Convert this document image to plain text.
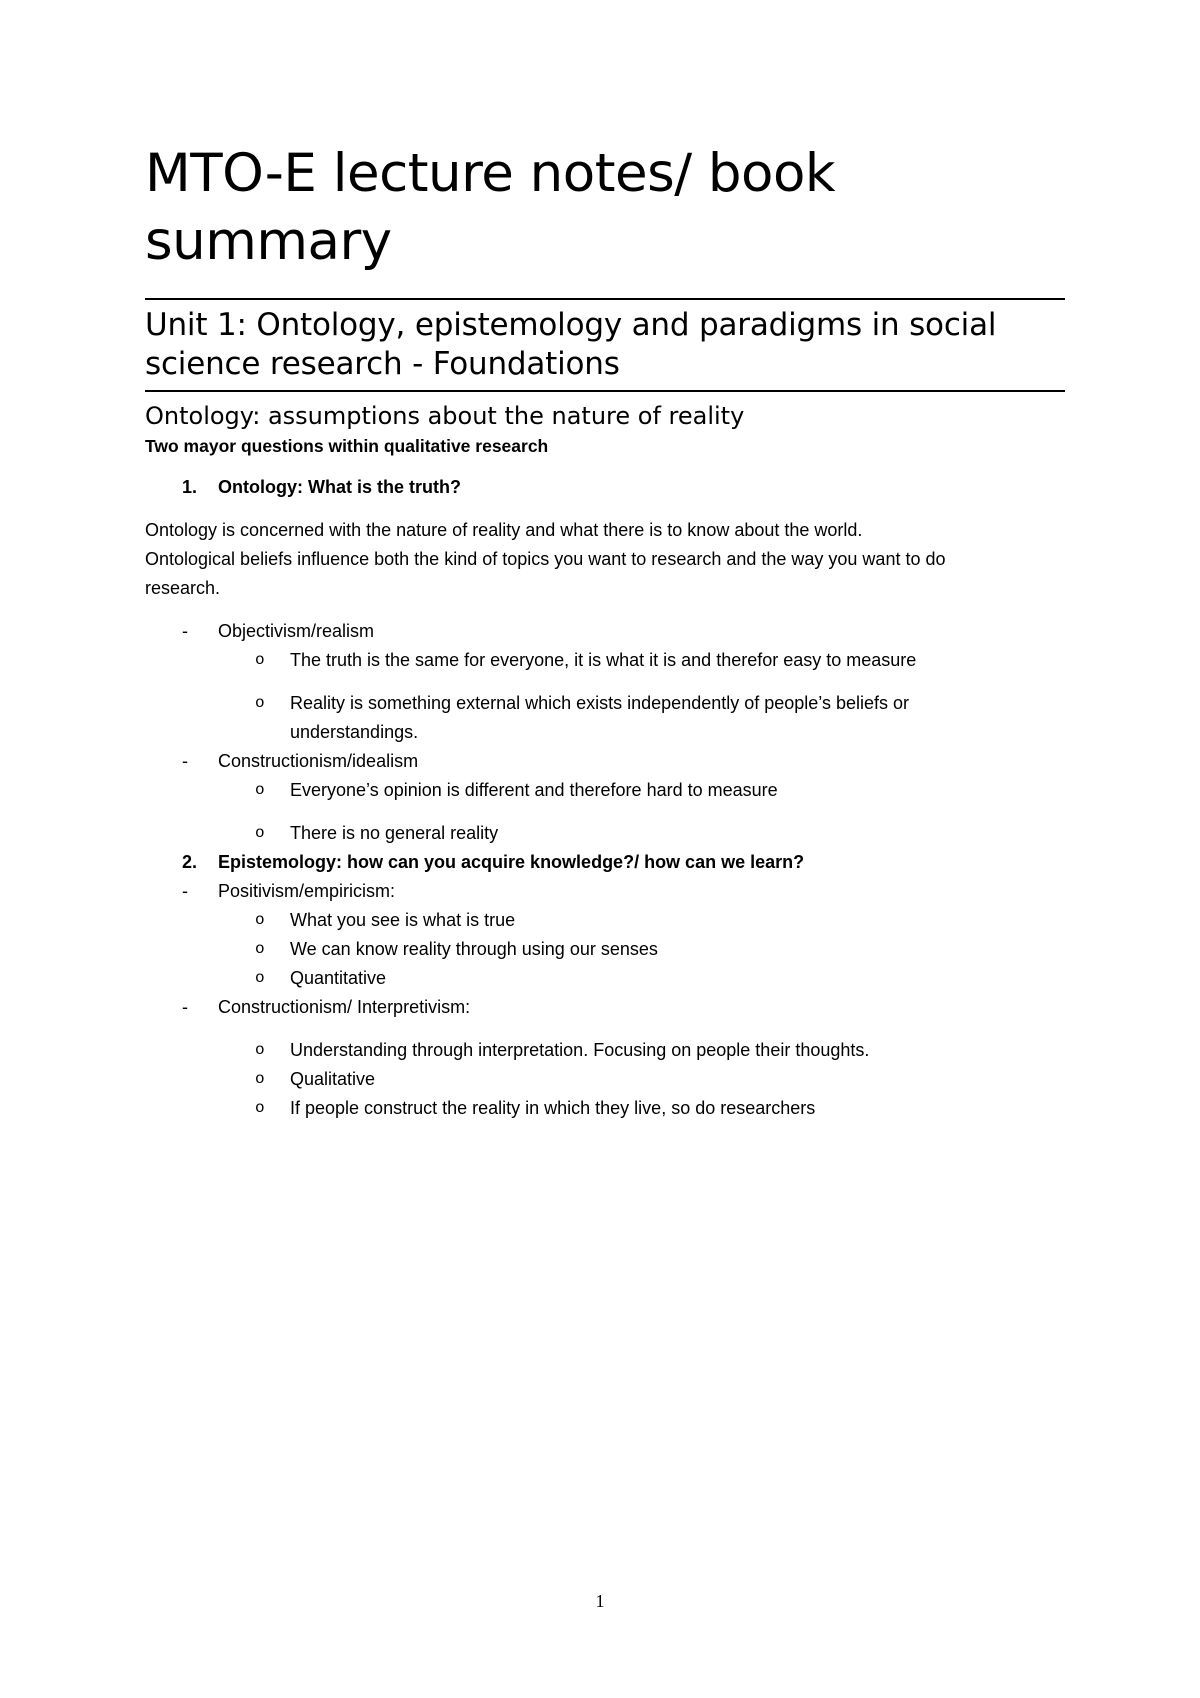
MTO-E lecture notes/ book
summary
Unit 1: Ontology, epistemology and paradigms in social
science research - Foundations
Ontology: assumptions about the nature of reality
Two mayor questions within qualitative research
1. Ontology: What is the truth?
Ontology is concerned with the nature of reality and what there is to know about the world.
Ontological beliefs influence both the kind of topics you want to research and the way you want to do
research.
- Objectivism/realism
o The truth is the same for everyone, it is what it is and therefor easy to measure
o Reality is something external which exists independently of people’s beliefs or
understandings.
- Constructionism/idealism
o Everyone’s opinion is different and therefore hard to measure
o There is no general reality
2. Epistemology: how can you acquire knowledge?/ how can we learn?
- Positivism/empiricism:
o What you see is what is true
o We can know reality through using our senses
o Quantitative
- Constructionism/ Interpretivism:
o Understanding through interpretation. Focusing on people their thoughts.
o Qualitative
o If people construct the reality in which they live, so do researchers
1
